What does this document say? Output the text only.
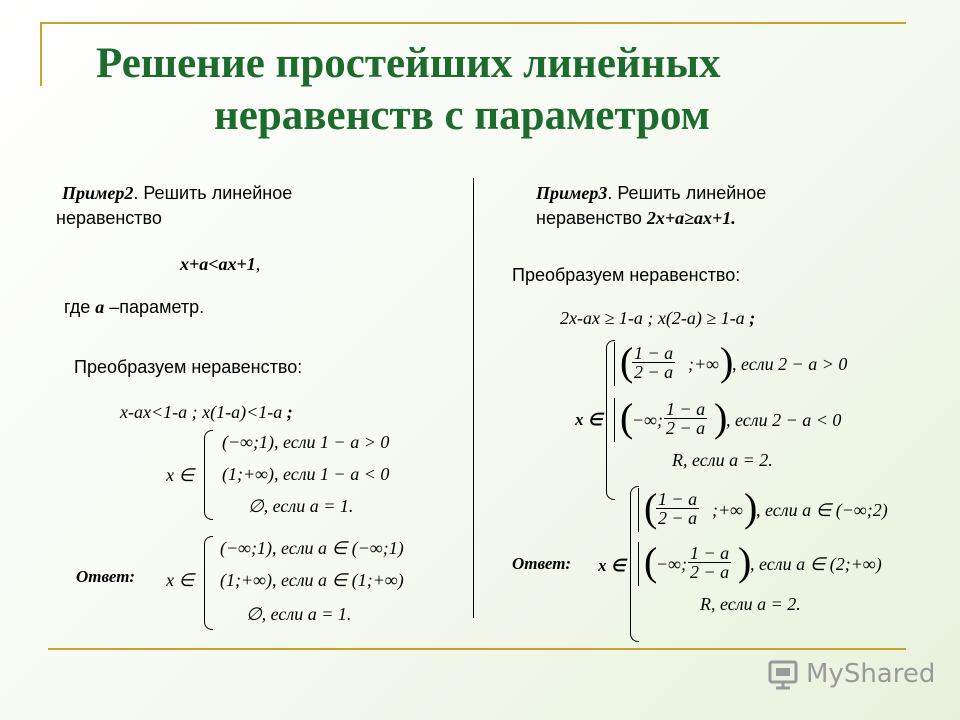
Решение простейших линейных
неравенств с параметром
Пример2. Решить линейное
неравенство
x+a<ax+1,
где a –параметр.
Преобразуем неравенство:
x-ax<1-a ; x(1-a)<1-a ;
x ∈
(−∞;1), если 1 − a > 0
(1;+∞), если 1 − a < 0
∅, если a = 1.
Ответ: x ∈
(−∞;1), если a ∈ (−∞;1)
(1;+∞), если a ∈ (1;+∞)
∅, если a = 1.
Пример3. Решить линейное
неравенство 2x+a≥ax+1.
Преобразуем неравенство:
2x-ax ≥ 1-a ; x(2-a) ≥ 1-a ;
x ∈
(
$\frac{1 - a}{2 - a}$ ;+∞ )
, если 2 − a > 0
(
−∞; $\frac{1 - a}{2 - a}$ )
, если 2 − a < 0
R, если a = 2.
Ответ: x ∈
(
$\frac{1 - a}{2 - a}$ ;+∞ )
, если a ∈ (−∞;2)
(
−∞; $\frac{1 - a}{2 - a}$ )
, если a ∈ (2;+∞)
R, если a = 2.
MyShared
